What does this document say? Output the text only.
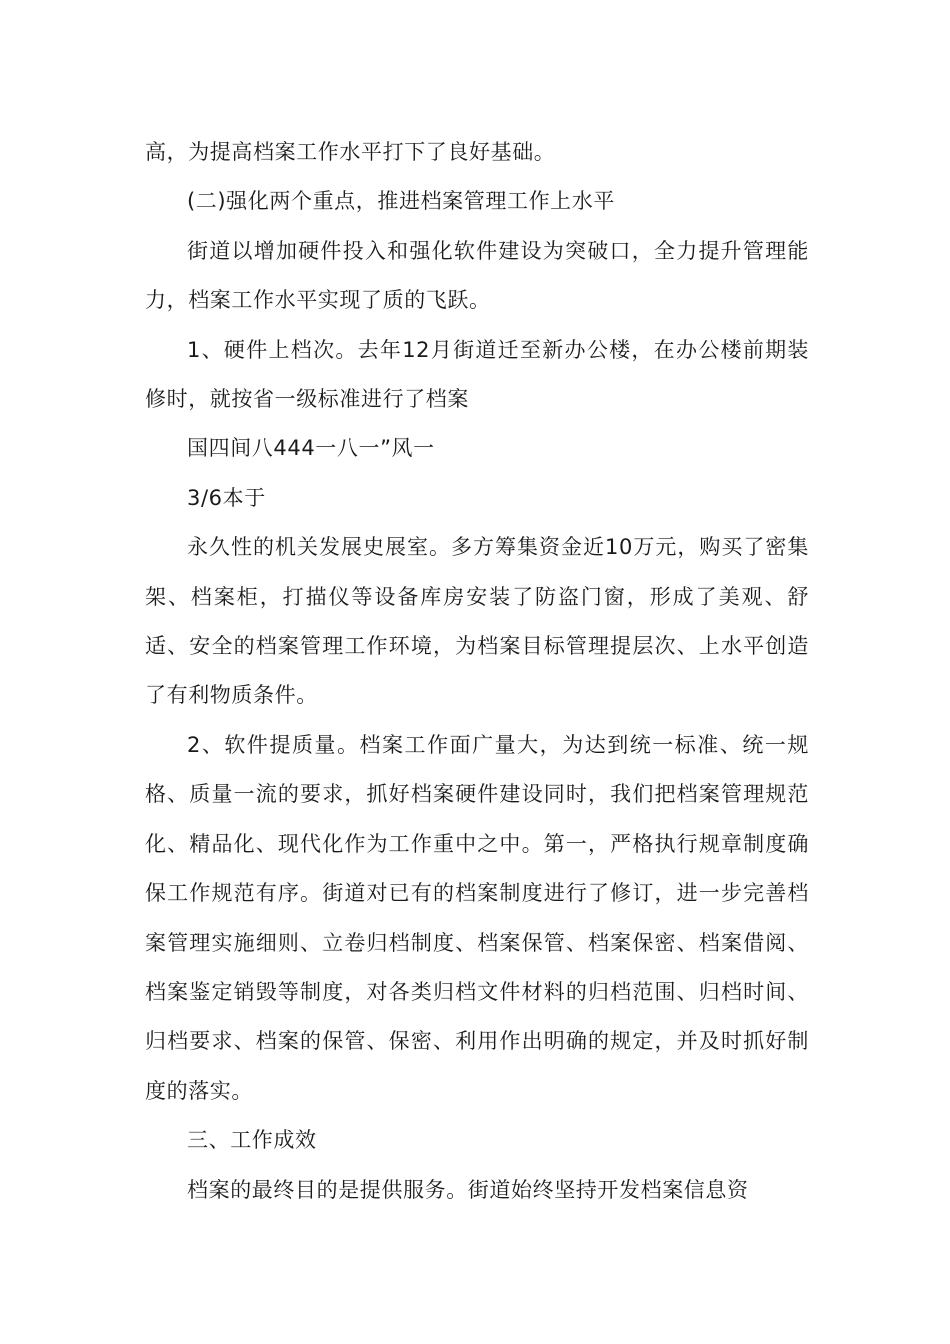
高，为提高档案工作水平打下了良好基础。

(二)强化两个重点，推进档案管理工作上水平

街道以增加硬件投入和强化软件建设为突破口，全力提升管理能力，档案工作水平实现了质的飞跃。

1、硬件上档次。去年12月街道迁至新办公楼，在办公楼前期装修时，就按省一级标准进行了档案

国四间八444一八一”风一

3/6本于

永久性的机关发展史展室。多方筹集资金近10万元，购买了密集架、档案柜，打描仪等设备库房安装了防盗门窗，形成了美观、舒适、安全的档案管理工作环境，为档案目标管理提层次、上水平创造了有利物质条件。

2、软件提质量。档案工作面广量大，为达到统一标准、统一规格、质量一流的要求，抓好档案硬件建设同时，我们把档案管理规范化、精品化、现代化作为工作重中之中。第一，严格执行规章制度确保工作规范有序。街道对已有的档案制度进行了修订，进一步完善档案管理实施细则、立卷归档制度、档案保管、档案保密、档案借阅、档案鉴定销毁等制度，对各类归档文件材料的归档范围、归档时间、归档要求、档案的保管、保密、利用作出明确的规定，并及时抓好制度的落实。

三、工作成效

档案的最终目的是提供服务。街道始终坚持开发档案信息资
